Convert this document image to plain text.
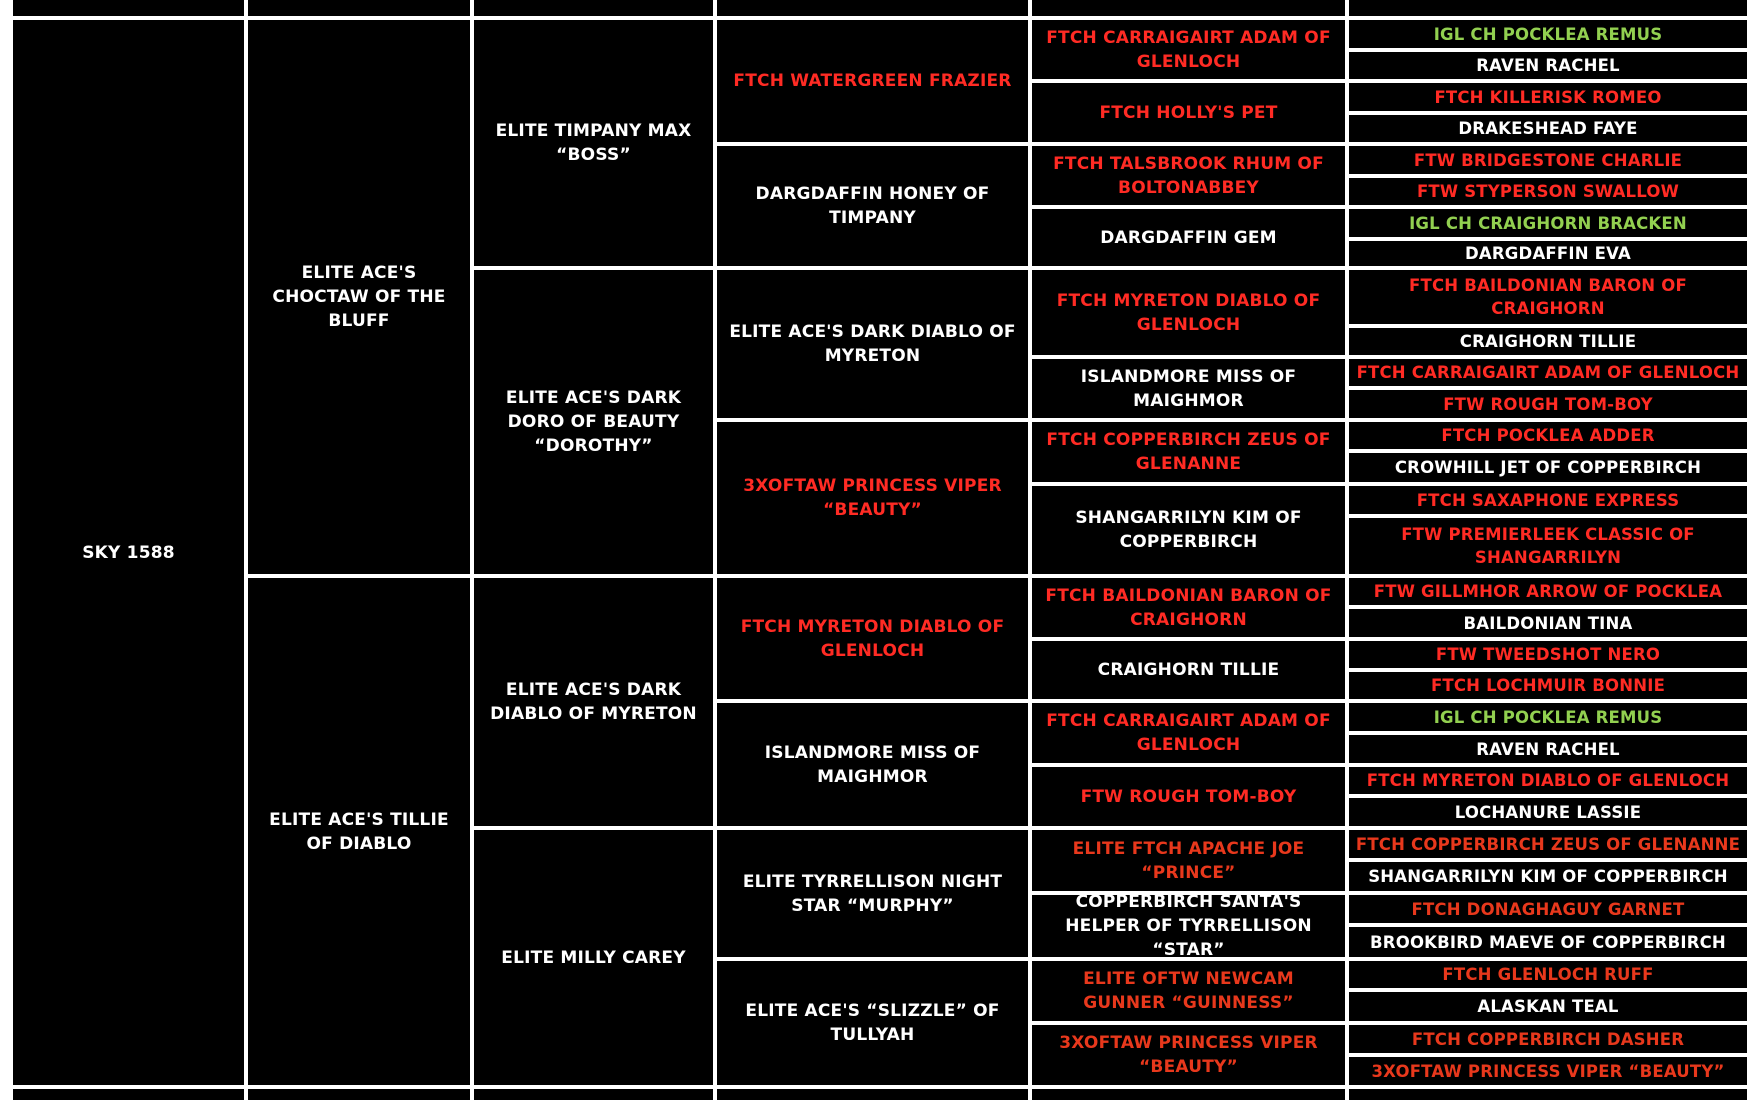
SKY 1588
ELITE ACE'S CHOCTAW OF THE BLUFF
ELITE ACE'S TILLIE OF DIABLO
ELITE TIMPANY MAX “BOSS”
ELITE ACE'S DARK DORO OF BEAUTY “DOROTHY”
ELITE ACE'S DARK DIABLO OF MYRETON
ELITE MILLY CAREY
FTCH WATERGREEN FRAZIER
DARGDAFFIN HONEY OF TIMPANY
ELITE ACE'S DARK DIABLO OF MYRETON
3XOFTAW PRINCESS VIPER “BEAUTY”
FTCH MYRETON DIABLO OF GLENLOCH
ISLANDMORE MISS OF MAIGHMOR
ELITE TYRRELLISON NIGHT STAR “MURPHY”
ELITE ACE'S “SLIZZLE” OF TULLYAH
FTCH CARRAIGAIRT ADAM OF GLENLOCH
FTCH HOLLY'S PET
FTCH TALSBROOK RHUM OF BOLTONABBEY
DARGDAFFIN GEM
FTCH MYRETON DIABLO OF GLENLOCH
ISLANDMORE MISS OF MAIGHMOR
FTCH COPPERBIRCH ZEUS OF GLENANNE
SHANGARRILYN KIM OF COPPERBIRCH
FTCH BAILDONIAN BARON OF CRAIGHORN
CRAIGHORN TILLIE
FTCH CARRAIGAIRT ADAM OF GLENLOCH
FTW ROUGH TOM-BOY
ELITE FTCH APACHE JOE “PRINCE”
COPPERBIRCH SANTA'S HELPER OF TYRRELLISON “STAR”
ELITE OFTW NEWCAM GUNNER “GUINNESS”
3XOFTAW PRINCESS VIPER “BEAUTY”
IGL CH POCKLEA REMUS
RAVEN RACHEL
FTCH KILLERISK ROMEO
DRAKESHEAD FAYE
FTW BRIDGESTONE CHARLIE
FTW STYPERSON SWALLOW
IGL CH CRAIGHORN BRACKEN
DARGDAFFIN EVA
FTCH BAILDONIAN BARON OF CRAIGHORN
CRAIGHORN TILLIE
FTCH CARRAIGAIRT ADAM OF GLENLOCH
FTW ROUGH TOM-BOY
FTCH POCKLEA ADDER
CROWHILL JET OF COPPERBIRCH
FTCH SAXAPHONE EXPRESS
FTW PREMIERLEEK CLASSIC OF SHANGARRILYN
FTW GILLMHOR ARROW OF POCKLEA
BAILDONIAN TINA
FTW TWEEDSHOT NERO
FTCH LOCHMUIR BONNIE
IGL CH POCKLEA REMUS
RAVEN RACHEL
FTCH MYRETON DIABLO OF GLENLOCH
LOCHANURE LASSIE
FTCH COPPERBIRCH ZEUS OF GLENANNE
SHANGARRILYN KIM OF COPPERBIRCH
FTCH DONAGHAGUY GARNET
BROOKBIRD MAEVE OF COPPERBIRCH
FTCH GLENLOCH RUFF
ALASKAN TEAL
FTCH COPPERBIRCH DASHER
3XOFTAW PRINCESS VIPER “BEAUTY”
